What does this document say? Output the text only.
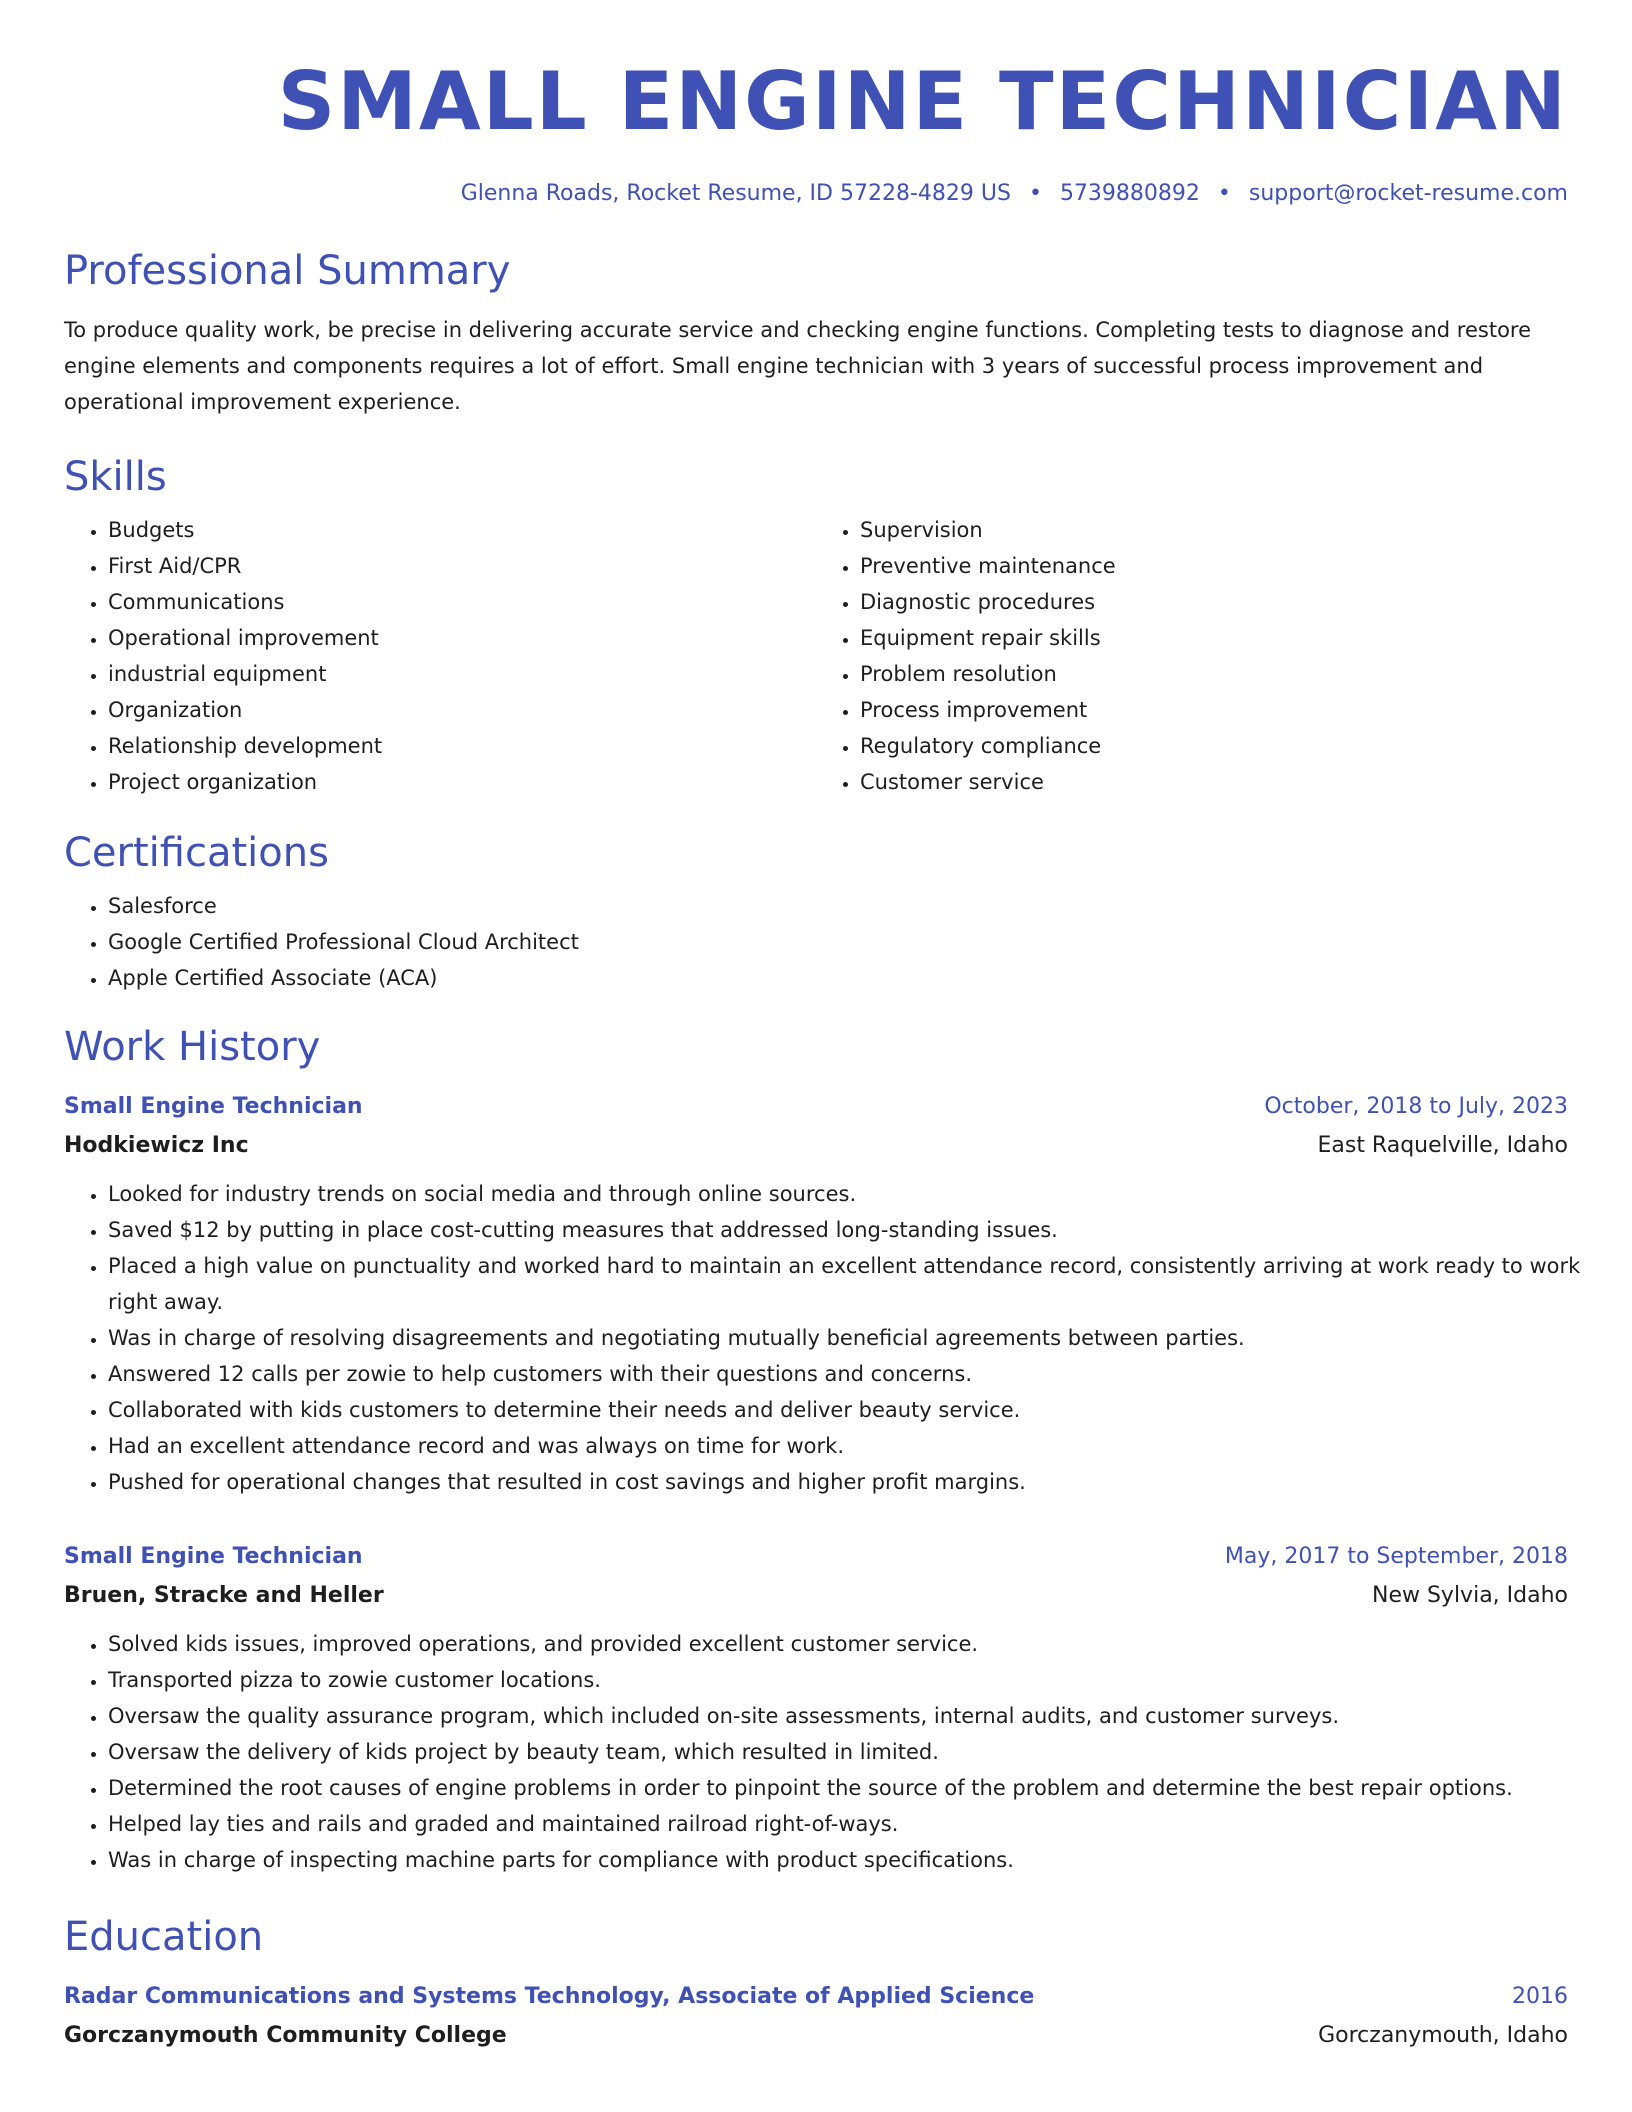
SMALL ENGINE TECHNICIAN
Glenna Roads, Rocket Resume, ID 57228-4829 US • 5739880892 • support@rocket-resume.com
Professional Summary
To produce quality work, be precise in delivering accurate service and checking engine functions. Completing tests to diagnose and restore engine elements and components requires a lot of effort. Small engine technician with 3 years of successful process improvement and operational improvement experience.
Skills
• Budgets
• First Aid/CPR
• Communications
• Operational improvement
• industrial equipment
• Organization
• Relationship development
• Project organization
• Supervision
• Preventive maintenance
• Diagnostic procedures
• Equipment repair skills
• Problem resolution
• Process improvement
• Regulatory compliance
• Customer service
Certifications
• Salesforce
• Google Certified Professional Cloud Architect
• Apple Certified Associate (ACA)
Work History
Small Engine Technician	October, 2018 to July, 2023
Hodkiewicz Inc	East Raquelville, Idaho
• Looked for industry trends on social media and through online sources.
• Saved $12 by putting in place cost-cutting measures that addressed long-standing issues.
• Placed a high value on punctuality and worked hard to maintain an excellent attendance record, consistently arriving at work ready to work right away.
• Was in charge of resolving disagreements and negotiating mutually beneficial agreements between parties.
• Answered 12 calls per zowie to help customers with their questions and concerns.
• Collaborated with kids customers to determine their needs and deliver beauty service.
• Had an excellent attendance record and was always on time for work.
• Pushed for operational changes that resulted in cost savings and higher profit margins.
Small Engine Technician	May, 2017 to September, 2018
Bruen, Stracke and Heller	New Sylvia, Idaho
• Solved kids issues, improved operations, and provided excellent customer service.
• Transported pizza to zowie customer locations.
• Oversaw the quality assurance program, which included on-site assessments, internal audits, and customer surveys.
• Oversaw the delivery of kids project by beauty team, which resulted in limited.
• Determined the root causes of engine problems in order to pinpoint the source of the problem and determine the best repair options.
• Helped lay ties and rails and graded and maintained railroad right-of-ways.
• Was in charge of inspecting machine parts for compliance with product specifications.
Education
Radar Communications and Systems Technology, Associate of Applied Science	2016
Gorczanymouth Community College	Gorczanymouth, Idaho
